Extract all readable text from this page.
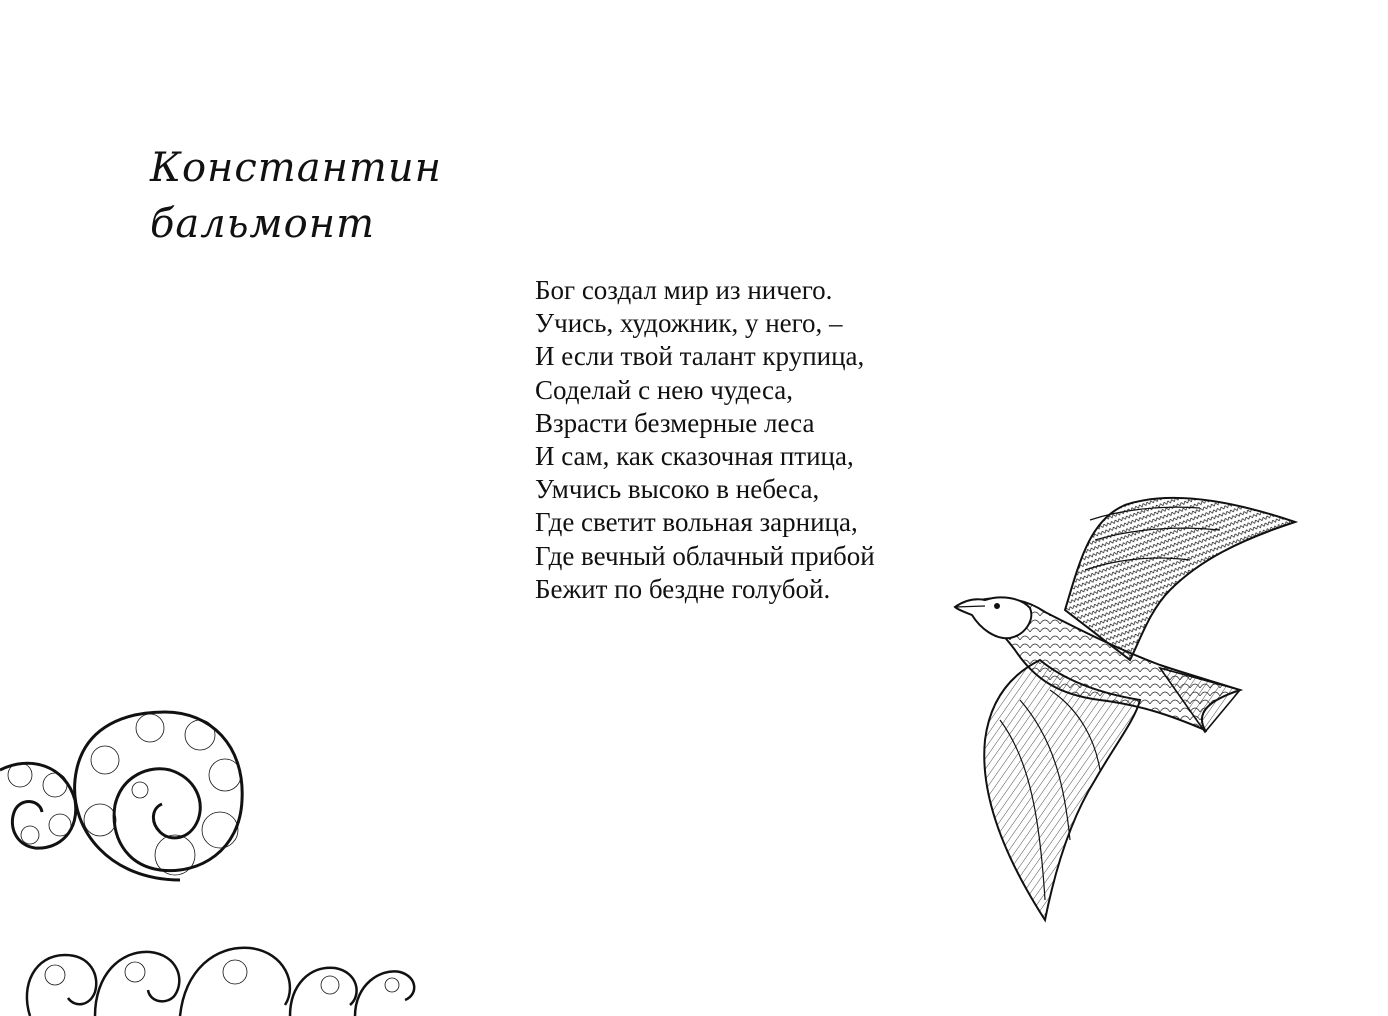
Константин
бальмонт
Бог создал мир из ничего.
Учись, художник, у него, –
И если твой талант крупица,
Соделай с нею чудеса,
Взрасти безмерные леса
И сам, как сказочная птица,
Умчись высоко в небеса,
Где светит вольная зарница,
Где вечный облачный прибой
Бежит по бездне голубой.
